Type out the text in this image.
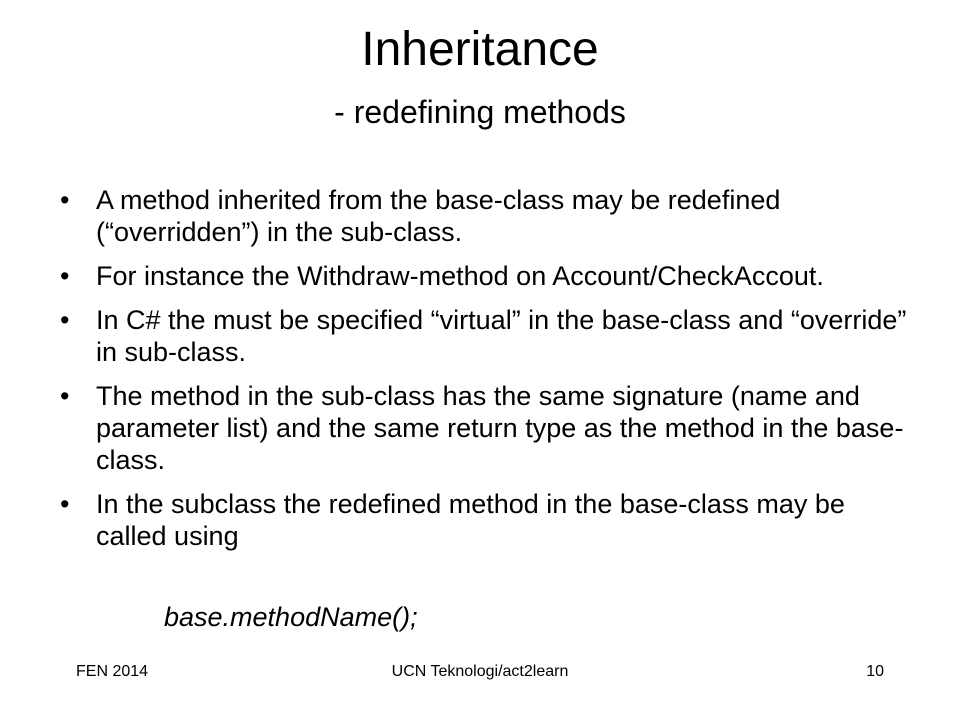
Inheritance
- redefining methods
• A method inherited from the base-class may be redefined (“overridden”) in the sub-class.
• For instance the Withdraw-method on Account/CheckAccout.
• In C# the must be specified “virtual” in the base-class and “override” in sub-class.
• The method in the sub-class has the same signature (name and parameter list) and the same return type as the method in the base-class.
• In the subclass the redefined method in the base-class may be called using
base.methodName();
FEN 2014	UCN Teknologi/act2learn	10
